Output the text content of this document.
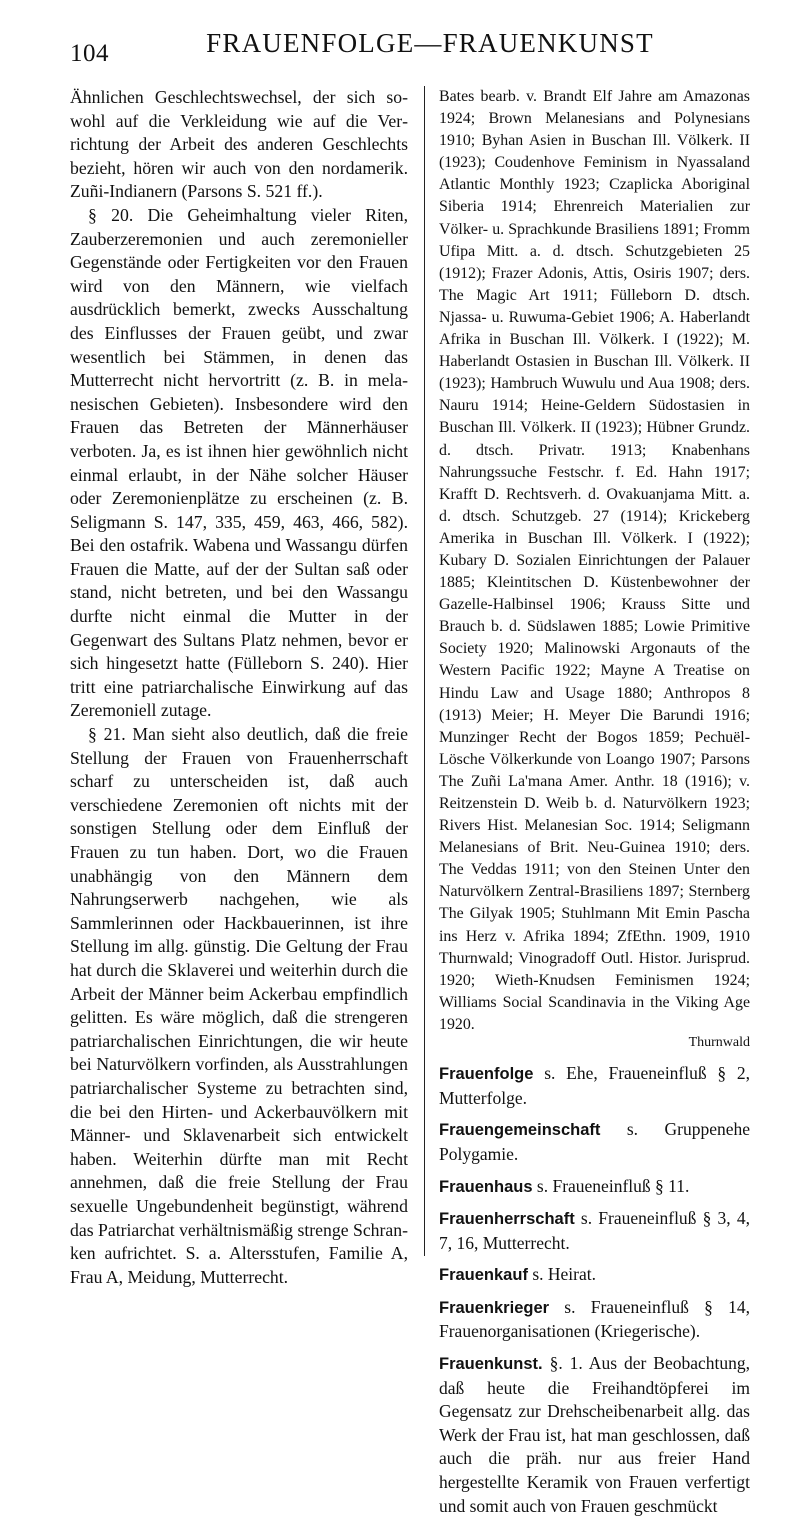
104	FRAUENFOLGE—FRAUENKUNST

Ähnlichen Geschlechtswechsel, der sich sowohl auf die Verkleidung wie auf die Verrichtung der Arbeit des anderen Geschlechts bezieht, hören wir auch von den nordamerik. Zuñi-Indianern (Parsons S. 521 ff.).

§ 20. Die Geheimhaltung vieler Riten, Zauberzeremonien und auch zeremonieller Gegenstände oder Fertigkeiten vor den Frauen wird von den Männern, wie vielfach ausdrücklich bemerkt, zwecks Ausschaltung des Einflusses der Frauen geübt, und zwar wesentlich bei Stämmen, in denen das Mutterrecht nicht hervortritt (z. B. in melanesischen Gebieten). Insbesondere wird den Frauen das Betreten der Männerhäuser verboten. Ja, es ist ihnen hier gewöhnlich nicht einmal erlaubt, in der Nähe solcher Häuser oder Zeremonienplätze zu erscheinen (z. B. Seligmann S. 147, 335, 459, 463, 466, 582). Bei den ostafrik. Wabena und Wassangu dürfen Frauen die Matte, auf der der Sultan saß oder stand, nicht betreten, und bei den Wassangu durfte nicht einmal die Mutter in der Gegenwart des Sultans Platz nehmen, bevor er sich hingesetzt hatte (Fülleborn S. 240). Hier tritt eine patriarchalische Einwirkung auf das Zeremoniell zutage.

§ 21. Man sieht also deutlich, daß die freie Stellung der Frauen von Frauenherrschaft scharf zu unterscheiden ist, daß auch verschiedene Zeremonien oft nichts mit der sonstigen Stellung oder dem Einfluß der Frauen zu tun haben. Dort, wo die Frauen unabhängig von den Männern dem Nahrungserwerb nachgehen, wie als Sammlerinnen oder Hackbauerinnen, ist ihre Stellung im allg. günstig. Die Geltung der Frau hat durch die Sklaverei und weiterhin durch die Arbeit der Männer beim Ackerbau empfindlich gelitten. Es wäre möglich, daß die strengeren patriarchalischen Einrichtungen, die wir heute bei Naturvölkern vorfinden, als Ausstrahlungen patriarchalischer Systeme zu betrachten sind, die bei den Hirten- und Ackerbauvölkern mit Männer- und Sklavenarbeit sich entwickelt haben. Weiterhin dürfte man mit Recht annehmen, daß die freie Stellung der Frau sexuelle Ungebundenheit begünstigt, während das Patriarchat verhältnismäßig strenge Schranken aufrichtet. S. a. Altersstufen, Familie A, Frau A, Meidung, Mutterrecht.

Bates bearb. v. Brandt Elf Jahre am Amazonas 1924; Brown Melanesians and Polynesians 1910; Byhan Asien in Buschan Ill. Völkerk. II (1923); Coudenhove Feminism in Nyassaland Atlantic Monthly 1923; Czaplicka Aboriginal Siberia 1914; Ehrenreich Materialien zur Völker- u. Sprachkunde Brasiliens 1891; Fromm Ufipa Mitt. a. d. dtsch. Schutzgebieten 25 (1912); Frazer Adonis, Attis, Osiris 1907; ders. The Magic Art 1911; Fülleborn D. dtsch. Njassa- u. Ruwuma-Gebiet 1906; A. Haberlandt Afrika in Buschan Ill. Völkerk. I (1922); M. Haberlandt Ostasien in Buschan Ill. Völkerk. II (1923); Hambruch Wuwulu und Aua 1908; ders. Nauru 1914; Heine-Geldern Südostasien in Buschan Ill. Völkerk. II (1923); Hübner Grundz. d. dtsch. Privatr. 1913; Knabenhans Nahrungssuche Festschr. f. Ed. Hahn 1917; Krafft D. Rechtsverh. d. Ovakuanjama Mitt. a. d. dtsch. Schutzgeb. 27 (1914); Krickeberg Amerika in Buschan Ill. Völkerk. I (1922); Kubary D. Sozialen Einrichtungen der Palauer 1885; Kleintitschen D. Küstenbewohner der Gazelle-Halbinsel 1906; Krauss Sitte und Brauch b. d. Südslawen 1885; Lowie Primitive Society 1920; Malinowski Argonauts of the Western Pacific 1922; Mayne A Treatise on Hindu Law and Usage 1880; Anthropos 8 (1913) Meier; H. Meyer Die Barundi 1916; Munzinger Recht der Bogos 1859; Pechuël-Lösche Völkerkunde von Loango 1907; Parsons The Zuñi La'mana Amer. Anthr. 18 (1916); v. Reitzenstein D. Weib b. d. Naturvölkern 1923; Rivers Hist. Melanesian Soc. 1914; Seligmann Melanesians of Brit. Neu-Guinea 1910; ders. The Veddas 1911; von den Steinen Unter den Naturvölkern Zentral-Brasiliens 1897; Sternberg The Gilyak 1905; Stuhlmann Mit Emin Pascha ins Herz v. Afrika 1894; ZfEthn. 1909, 1910 Thurnwald; Vinogradoff Outl. Histor. Jurisprud. 1920; Wieth-Knudsen Feminismen 1924; Williams Social Scandinavia in the Viking Age 1920.

Thurnwald
Frauenfolge s. Ehe, Fraueneinfluß § 2, Mutterfolge.
Frauengemeinschaft s. Gruppenehe Polygamie.
Frauenhaus s. Fraueneinfluß § 11.
Frauenherrschaft s. Fraueneinfluß § 3, 4, 7, 16, Mutterrecht.
Frauenkauf s. Heirat.
Frauenkrieger s. Fraueneinfluß § 14, Frauenorganisationen (Kriegerische).
Frauenkunst. §. 1. Aus der Beobachtung, daß heute die Freihandtöpferei im Gegensatz zur Drehscheibenarbeit allg. das Werk der Frau ist, hat man geschlossen, daß auch die präh. nur aus freier Hand hergestellte Keramik von Frauen verfertigt und somit auch von Frauen geschmückt
